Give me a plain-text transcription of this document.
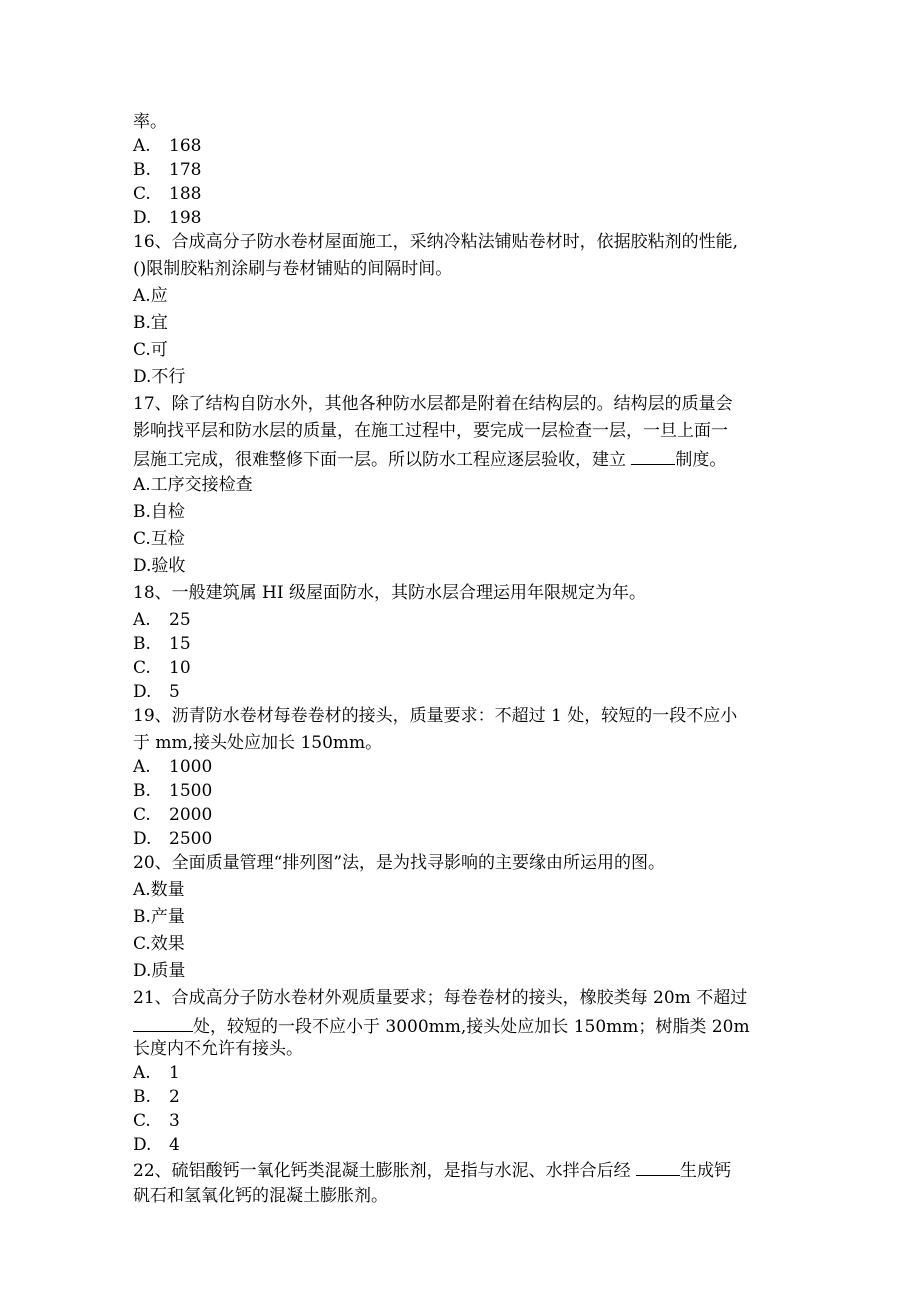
率。
A. 168
B. 178
C. 188
D. 198
16、合成高分子防水卷材屋面施工，采纳冷粘法铺贴卷材时，依据胶粘剂的性能,
()限制胶粘剂涂刷与卷材铺贴的间隔时间。
A.应
B.宜
C.可
D.不行
17、除了结构自防水外，其他各种防水层都是附着在结构层的。结构层的质量会
影响找平层和防水层的质量，在施工过程中，要完成一层检查一层，一旦上面一
层施工完成，很难整修下面一层。所以防水工程应逐层验收，建立	制度。
A.工序交接检查
B.自检
C.互检
D.验收
18、一般建筑属 HI 级屋面防水，其防水层合理运用年限规定为年。
A. 25
B. 15
C. 10
D. 5
19、沥青防水卷材每卷卷材的接头，质量要求：不超过 1 处，较短的一段不应小
于 mm,接头处应加长 150mm。
A. 1000
B. 1500
C. 2000
D. 2500
20、全面质量管理“排列图”法，是为找寻影响的主要缘由所运用的图。
A.数量
B.产量
C.效果
D.质量
21、合成高分子防水卷材外观质量要求；每卷卷材的接头，橡胶类每 20m 不超过
处，较短的一段不应小于 3000mm,接头处应加长 150mm；树脂类 20m
长度内不允许有接头。
A. 1
B. 2
C. 3
D. 4
22、硫铝酸钙一氧化钙类混凝土膨胀剂，是指与水泥、水拌合后经	生成钙
矾石和氢氧化钙的混凝土膨胀剂。
